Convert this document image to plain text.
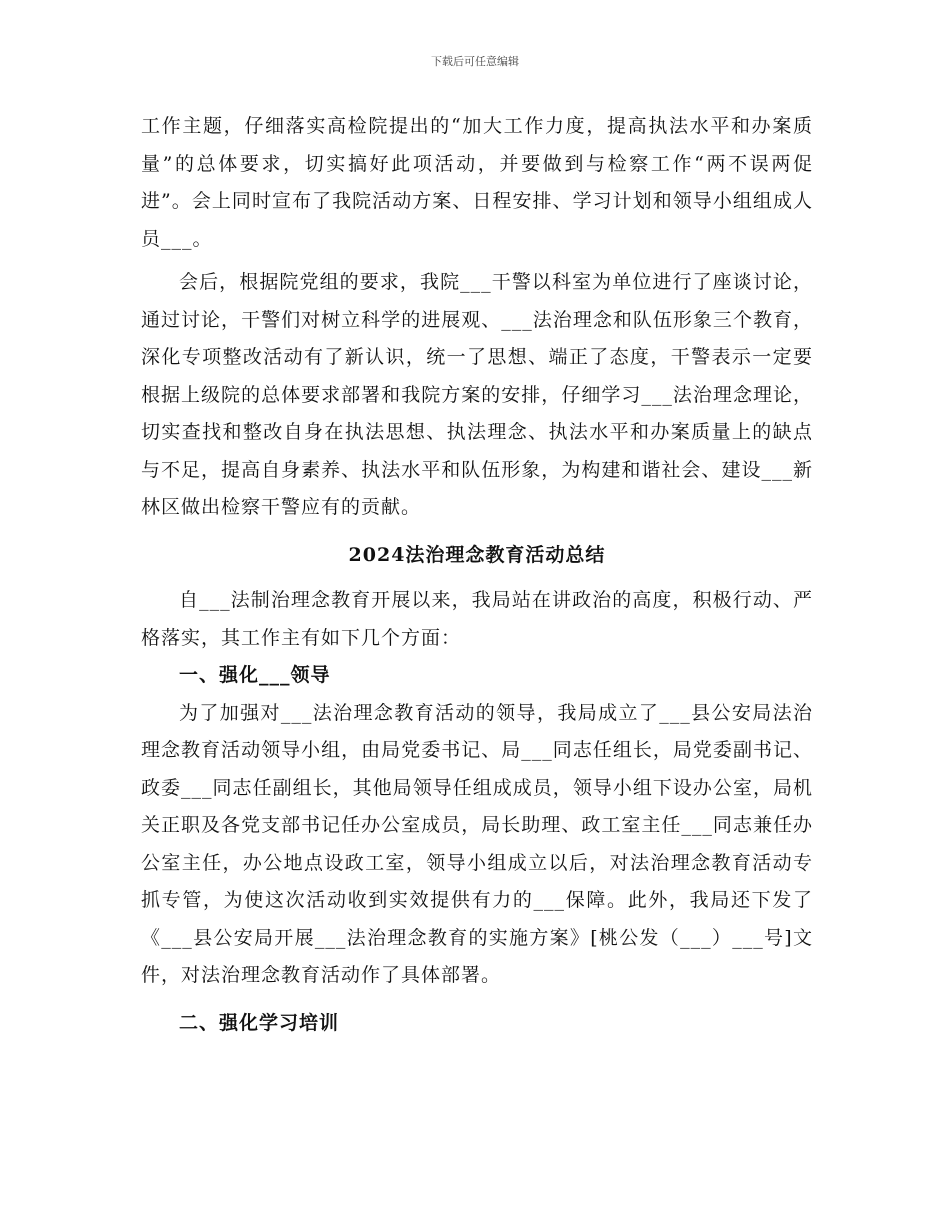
下载后可任意编辑

工作主题，仔细落实高检院提出的“加大工作力度，提高执法水平和办案质量”的总体要求，切实搞好此项活动，并要做到与检察工作“两不误两促进”。会上同时宣布了我院活动方案、日程安排、学习计划和领导小组组成人员___。

会后，根据院党组的要求，我院___干警以科室为单位进行了座谈讨论，通过讨论，干警们对树立科学的进展观、___法治理念和队伍形象三个教育，深化专项整改活动有了新认识，统一了思想、端正了态度，干警表示一定要根据上级院的总体要求部署和我院方案的安排，仔细学习___法治理念理论，切实查找和整改自身在执法思想、执法理念、执法水平和办案质量上的缺点与不足，提高自身素养、执法水平和队伍形象，为构建和谐社会、建设___新林区做出检察干警应有的贡献。

2024法治理念教育活动总结

自___法制治理念教育开展以来，我局站在讲政治的高度，积极行动、严格落实，其工作主有如下几个方面：

一、强化___领导

为了加强对___法治理念教育活动的领导，我局成立了___县公安局法治理念教育活动领导小组，由局党委书记、局___同志任组长，局党委副书记、政委___同志任副组长，其他局领导任组成成员，领导小组下设办公室，局机关正职及各党支部书记任办公室成员，局长助理、政工室主任___同志兼任办公室主任，办公地点设政工室，领导小组成立以后，对法治理念教育活动专抓专管，为使这次活动收到实效提供有力的___保障。此外，我局还下发了《___县公安局开展___法治理念教育的实施方案》[桃公发（___）___号]文件，对法治理念教育活动作了具体部署。

二、强化学习培训
